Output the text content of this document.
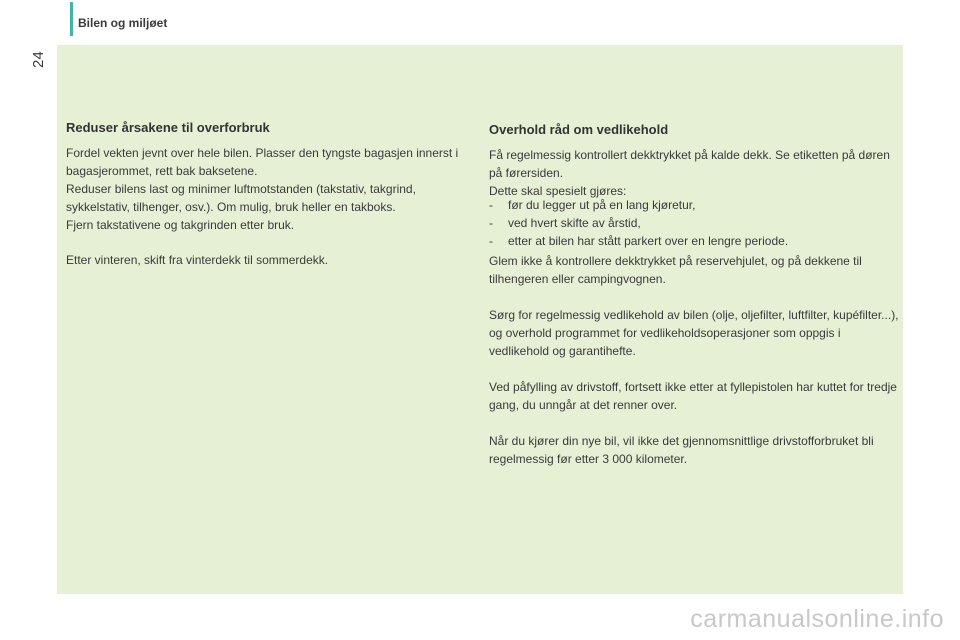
Bilen og miljøet
24
Reduser årsakene til overforbruk

Fordel vekten jevnt over hele bilen. Plasser den tyngste bagasjen innerst i bagasjerommet, rett bak baksetene.

Reduser bilens last og minimer luftmotstanden (takstativ, takgrind, sykkelstativ, tilhenger, osv.). Om mulig, bruk heller en takboks.

Fjern takstativene og takgrinden etter bruk.

Etter vinteren, skift fra vinterdekk til sommerdekk.

Overhold råd om vedlikehold

Få regelmessig kontrollert dekktrykket på kalde dekk. Se etiketten på døren på førersiden.

Dette skal spesielt gjøres:

- før du legger ut på en lang kjøretur,
- ved hvert skifte av årstid,
- etter at bilen har stått parkert over en lengre periode.

Glem ikke å kontrollere dekktrykket på reservehjulet, og på dekkene til tilhengeren eller campingvognen.

Sørg for regelmessig vedlikehold av bilen (olje, oljefilter, luftfilter, kupéfilter...), og overhold programmet for vedlikeholdsoperasjoner som oppgis i vedlikehold og garantihefte.

Ved påfylling av drivstoff, fortsett ikke etter at fyllepistolen har kuttet for tredje gang, du unngår at det renner over.

Når du kjører din nye bil, vil ikke det gjennomsnittlige drivstofforbruket bli regelmessig før etter 3 000 kilometer.

carmanualsonline.info
